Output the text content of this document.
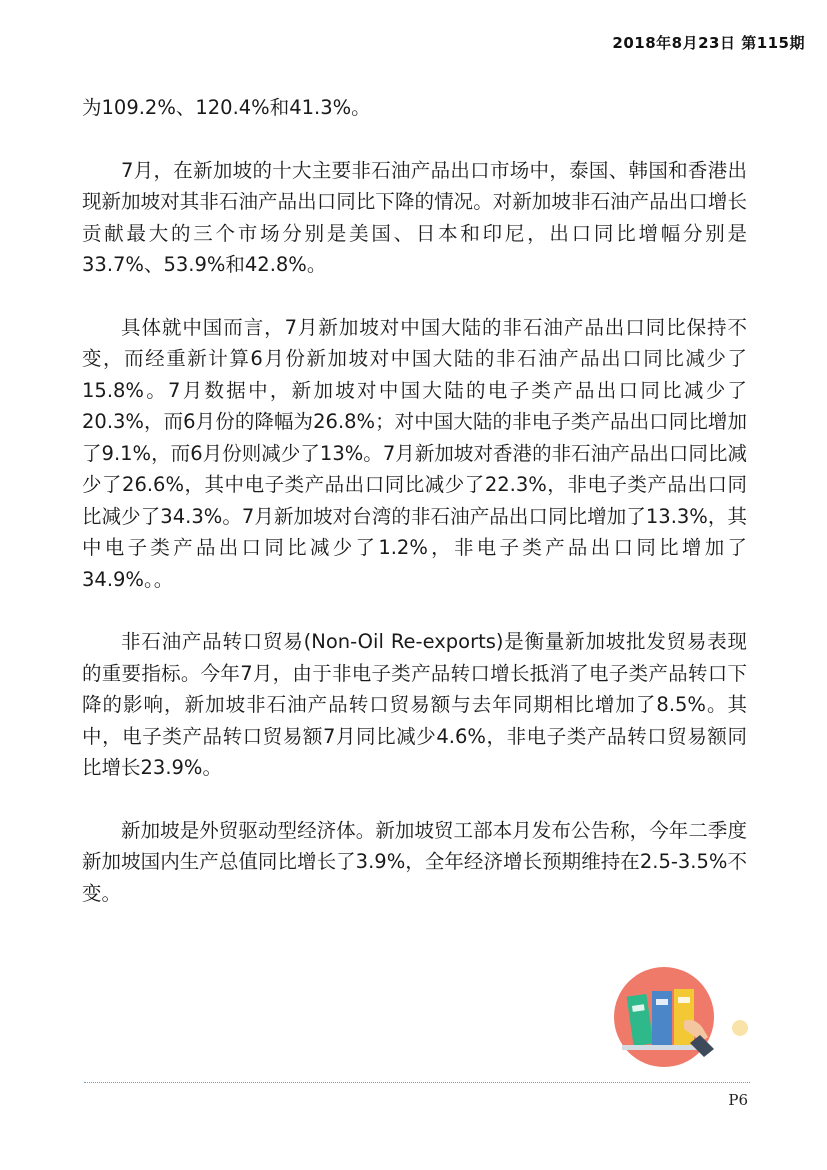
2018年8月23日 第115期

为109.2%、120.4%和41.3%。

7月，在新加坡的十大主要非石油产品出口市场中，泰国、韩国和香港出现新加坡对其非石油产品出口同比下降的情况。对新加坡非石油产品出口增长贡献最大的三个市场分别是美国、日本和印尼，出口同比增幅分别是33.7%、53.9%和42.8%。

具体就中国而言，7月新加坡对中国大陆的非石油产品出口同比保持不变，而经重新计算6月份新加坡对中国大陆的非石油产品出口同比减少了15.8%。7月数据中，新加坡对中国大陆的电子类产品出口同比减少了20.3%，而6月份的降幅为26.8%；对中国大陆的非电子类产品出口同比增加了9.1%，而6月份则减少了13%。7月新加坡对香港的非石油产品出口同比减少了26.6%，其中电子类产品出口同比减少了22.3%，非电子类产品出口同比减少了34.3%。7月新加坡对台湾的非石油产品出口同比增加了13.3%，其中电子类产品出口同比减少了1.2%，非电子类产品出口同比增加了34.9%。。

非石油产品转口贸易(Non-Oil Re-exports)是衡量新加坡批发贸易表现的重要指标。今年7月，由于非电子类产品转口增长抵消了电子类产品转口下降的影响，新加坡非石油产品转口贸易额与去年同期相比增加了8.5%。其中，电子类产品转口贸易额7月同比减少4.6%，非电子类产品转口贸易额同比增长23.9%。

新加坡是外贸驱动型经济体。新加坡贸工部本月发布公告称，今年二季度新加坡国内生产总值同比增长了3.9%，全年经济增长预期维持在2.5-3.5%不变。

P6
